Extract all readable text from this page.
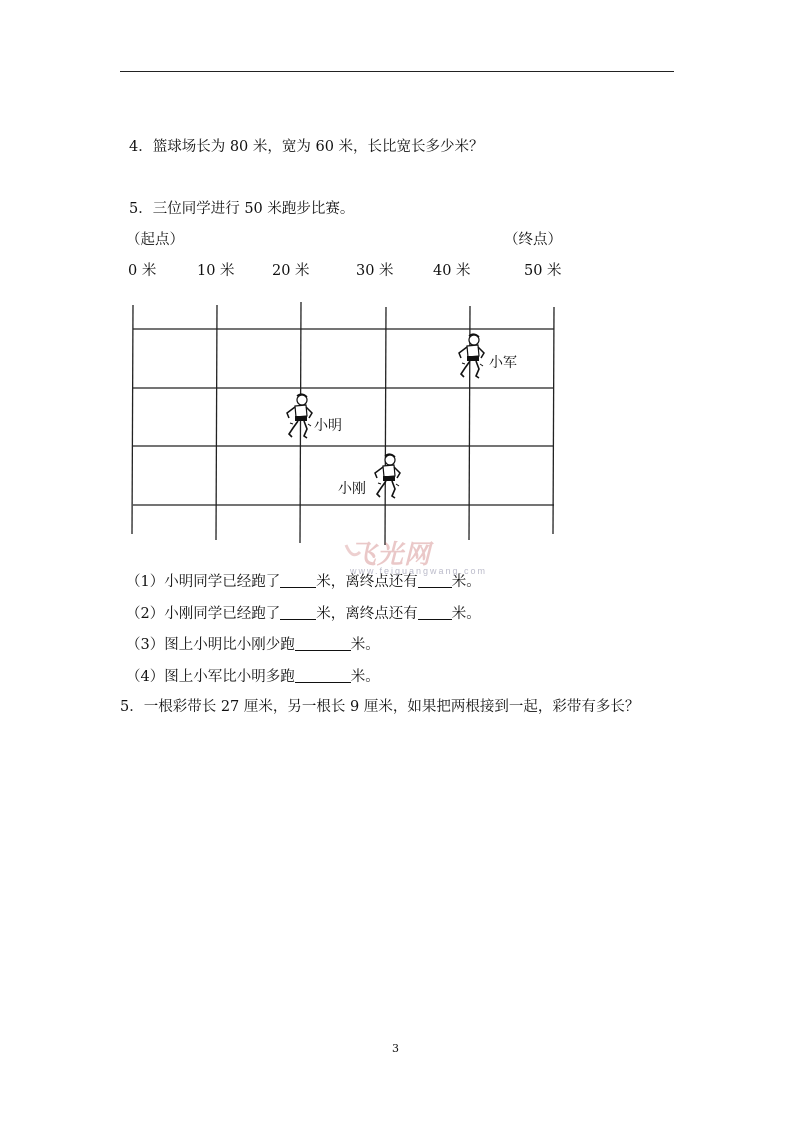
4．篮球场长为 80 米，宽为 60 米，长比宽长多少米？
5．三位同学进行 50 米跑步比赛。
（起点）	（终点）
0 米	10 米	20 米	30 米	40 米	50 米
小军
小明
小刚
飞光网
www.feiguangwang.com
（1）小明同学已经跑了 米，离终点还有 米。
（2）小刚同学已经跑了 米，离终点还有 米。
（3）图上小明比小刚少跑	米。
（4）图上小军比小明多跑	米。
5．一根彩带长 27 厘米，另一根长 9 厘米，如果把两根接到一起，彩带有多长？
3
